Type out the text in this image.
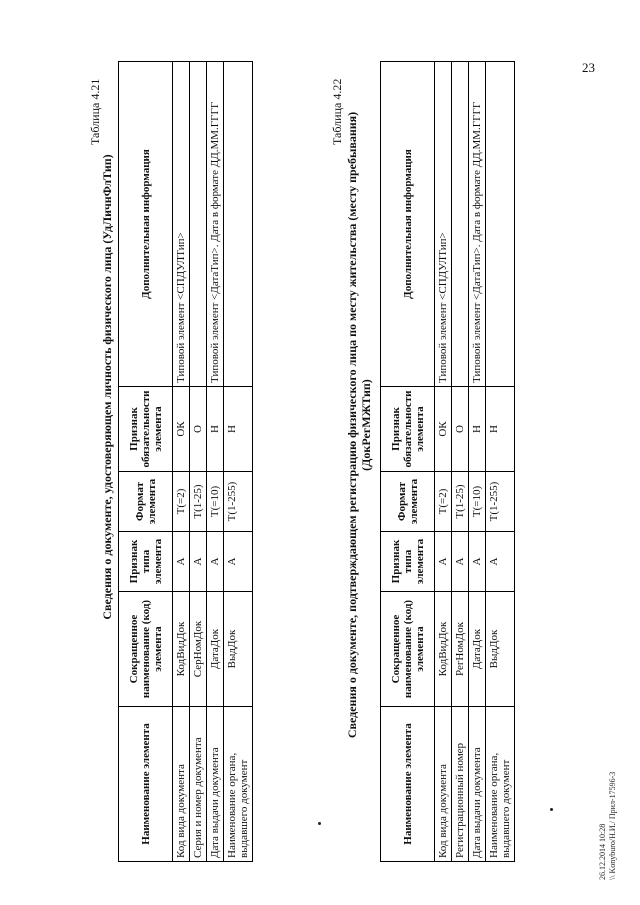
23
Таблица 4.21
Сведения о документе, удостоверяющем личность физического лица (УдЛичнФлТип)
Наименование элемента	Сокращенное наименование (код) элемента	Признак типа элемента	Формат элемента	Признак обязательности элемента	Дополнительная информация
Код вида документа	КодВидДок	А	T(=2)	ОК	Типовой элемент <СПДУЛТип>
Серия и номер документа	СерНомДок	А	T(1-25)	О	
Дата выдачи документа	ДатаДок	А	T(=10)	Н	Типовой элемент <ДатаТип>. Дата в формате ДД.ММ.ГГГГ
Наименование органа, выдавшего документ	ВыдДок	А	T(1-255)	Н	
Таблица 4.22
Сведения о документе, подтверждающем регистрацию физического лица по месту жительства (месту пребывания) (ДокРегМЖТип)
Наименование элемента	Сокращенное наименование (код) элемента	Признак типа элемента	Формат элемента	Признак обязательности элемента	Дополнительная информация
Код вида документа	КодВидДок	А	T(=2)	ОК	Типовой элемент <СПДУЛТип>
Регистрационный номер	РегНомДок	А	T(1-25)	О	
Дата выдачи документа	ДатаДок	А	T(=10)	Н	Типовой элемент <ДатаТип>. Дата в формате ДД.ММ.ГГГГ
Наименование органа, выдавшего документ	ВыдДок	А	T(1-255)	Н	
26.12.2014 10:28 \\ Konyburo/Н.И./ Прил-17596-3
